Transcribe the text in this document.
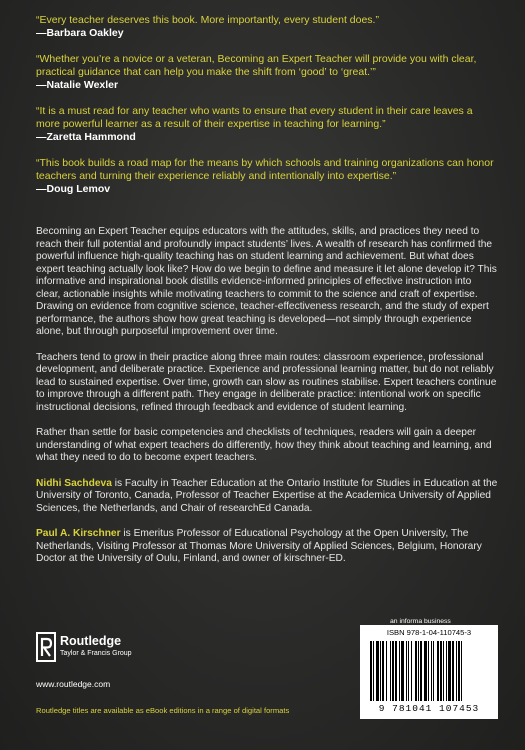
“Every teacher deserves this book. More importantly, every student does.”

—Barbara Oakley

“Whether you’re a novice or a veteran, Becoming an Expert Teacher will provide you with clear, practical guidance that can help you make the shift from ‘good’ to ‘great.’”

—Natalie Wexler

“It is a must read for any teacher who wants to ensure that every student in their care leaves a more powerful learner as a result of their expertise in teaching for learning.”

—Zaretta Hammond

“This book builds a road map for the means by which schools and training organizations can honor teachers and turning their experience reliably and intentionally into expertise.”

—Doug Lemov

Becoming an Expert Teacher equips educators with the attitudes, skills, and practices they need to reach their full potential and profoundly impact students’ lives. A wealth of research has confirmed the powerful influence high-quality teaching has on student learning and achievement. But what does expert teaching actually look like? How do we begin to define and measure it let alone develop it? This informative and inspirational book distills evidence-informed principles of effective instruction into clear, actionable insights while motivating teachers to commit to the science and craft of expertise. Drawing on evidence from cognitive science, teacher-effectiveness research, and the study of expert performance, the authors show how great teaching is developed—not simply through experience alone, but through purposeful improvement over time.

Teachers tend to grow in their practice along three main routes: classroom experience, professional development, and deliberate practice. Experience and professional learning matter, but do not reliably lead to sustained expertise. Over time, growth can slow as routines stabilise. Expert teachers continue to improve through a different path. They engage in deliberate practice: intentional work on specific instructional decisions, refined through feedback and evidence of student learning.

Rather than settle for basic competencies and checklists of techniques, readers will gain a deeper understanding of what expert teachers do differently, how they think about teaching and learning, and what they need to do to become expert teachers.

Nidhi Sachdeva is Faculty in Teacher Education at the Ontario Institute for Studies in Education at the University of Toronto, Canada, Professor of Teacher Expertise at the Academica University of Applied Sciences, the Netherlands, and Chair of researchEd Canada.

Paul A. Kirschner is Emeritus Professor of Educational Psychology at the Open University, The Netherlands, Visiting Professor at Thomas More University of Applied Sciences, Belgium, Honorary Doctor at the University of Oulu, Finland, and owner of kirschner-ED.

an informa business
Routledge
Taylor & Francis Group
www.routledge.com
Routledge titles are available as eBook editions in a range of digital formats
ISBN 978-1-04-110745-3
9 781041 107453
